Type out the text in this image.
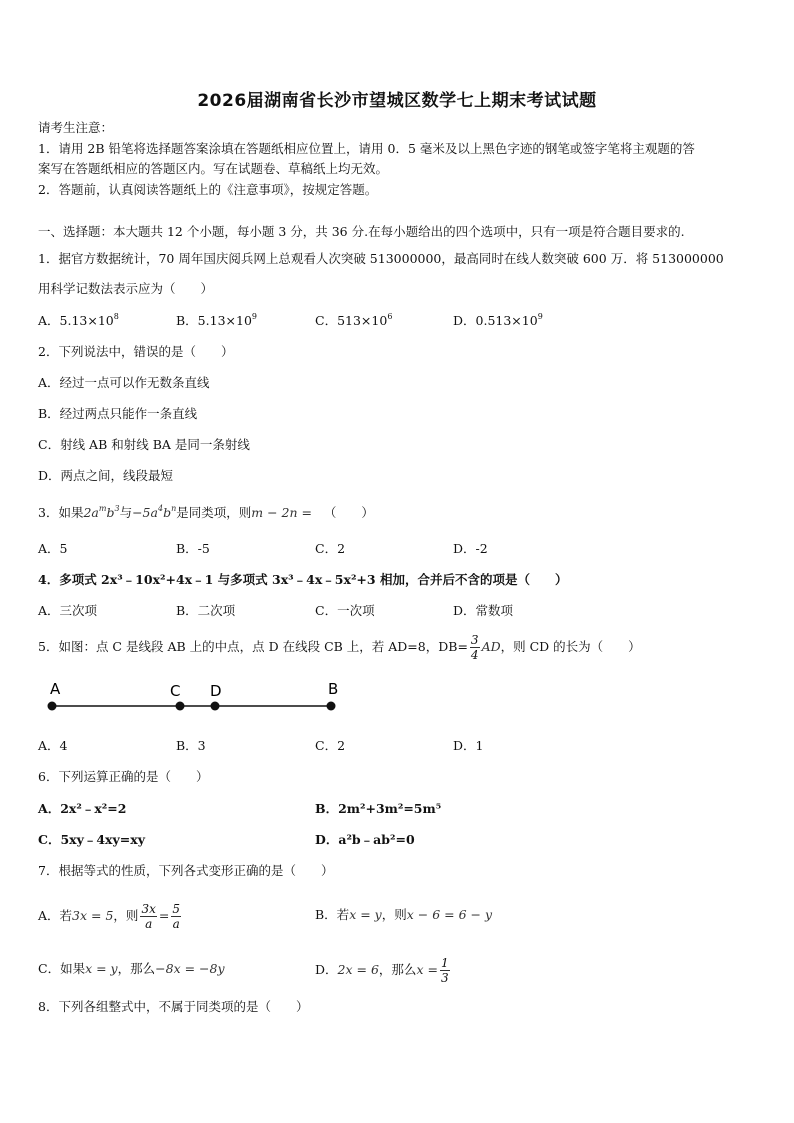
2026届湖南省长沙市望城区数学七上期末考试试题
请考生注意：
1．请用 2B 铅笔将选择题答案涂填在答题纸相应位置上，请用 0．5 毫米及以上黑色字迹的钢笔或签字笔将主观题的答
案写在答题纸相应的答题区内。写在试题卷、草稿纸上均无效。
2．答题前，认真阅读答题纸上的《注意事项》，按规定答题。
一、选择题：本大题共 12 个小题，每小题 3 分，共 36 分.在每小题给出的四个选项中，只有一项是符合题目要求的.
1．据官方数据统计，70 周年国庆阅兵网上总观看人次突破 513000000，最高同时在线人数突破 600 万．将 513000000
用科学记数法表示应为（　　）
A．$5.13\times 10^8$	B．$5.13\times 10^9$	C．$513\times 10^6$	D．$0.513\times 10^9$
2．下列说法中，错误的是（　　）
A．经过一点可以作无数条直线
B．经过两点只能作一条直线
C．射线 AB 和射线 BA 是同一条射线
D．两点之间，线段最短
3．如果$2a^mb^3$与$-5a^4b^n$是同类项，则m − 2n = （　　）
A．5	B．-5	C．2	D．-2
4．多项式 2x³﹣10x²+4x﹣1 与多项式 3x³﹣4x﹣5x²+3 相加，合并后不含的项是（　　）
A．三次项	B．二次项	C．一次项	D．常数项
5．如图：点 C 是线段 AB 上的中点，点 D 在线段 CB 上，若 AD=8，$DB= \frac{3}{4}$ AD，则 CD 的长为（　　）
A	C D	B
A．4	B．3	C．2	D．1
6．下列运算正确的是（　　）
A．2x²﹣x²=2	B．2m²+3m²=5m⁵
C．5xy﹣4xy=xy	D．a²b﹣ab²=0
7．根据等式的性质，下列各式变形正确的是（　　）
A．若3x = 5，则 $\frac{3x}{a} = \frac{5}{a}$	B．若x = y，则x − 6 = 6 − y
C．如果x = y，那么−8x = −8y	D．2x = 6，那么$x = \frac{1}{3}$
8．下列各组整式中，不属于同类项的是（　　）
